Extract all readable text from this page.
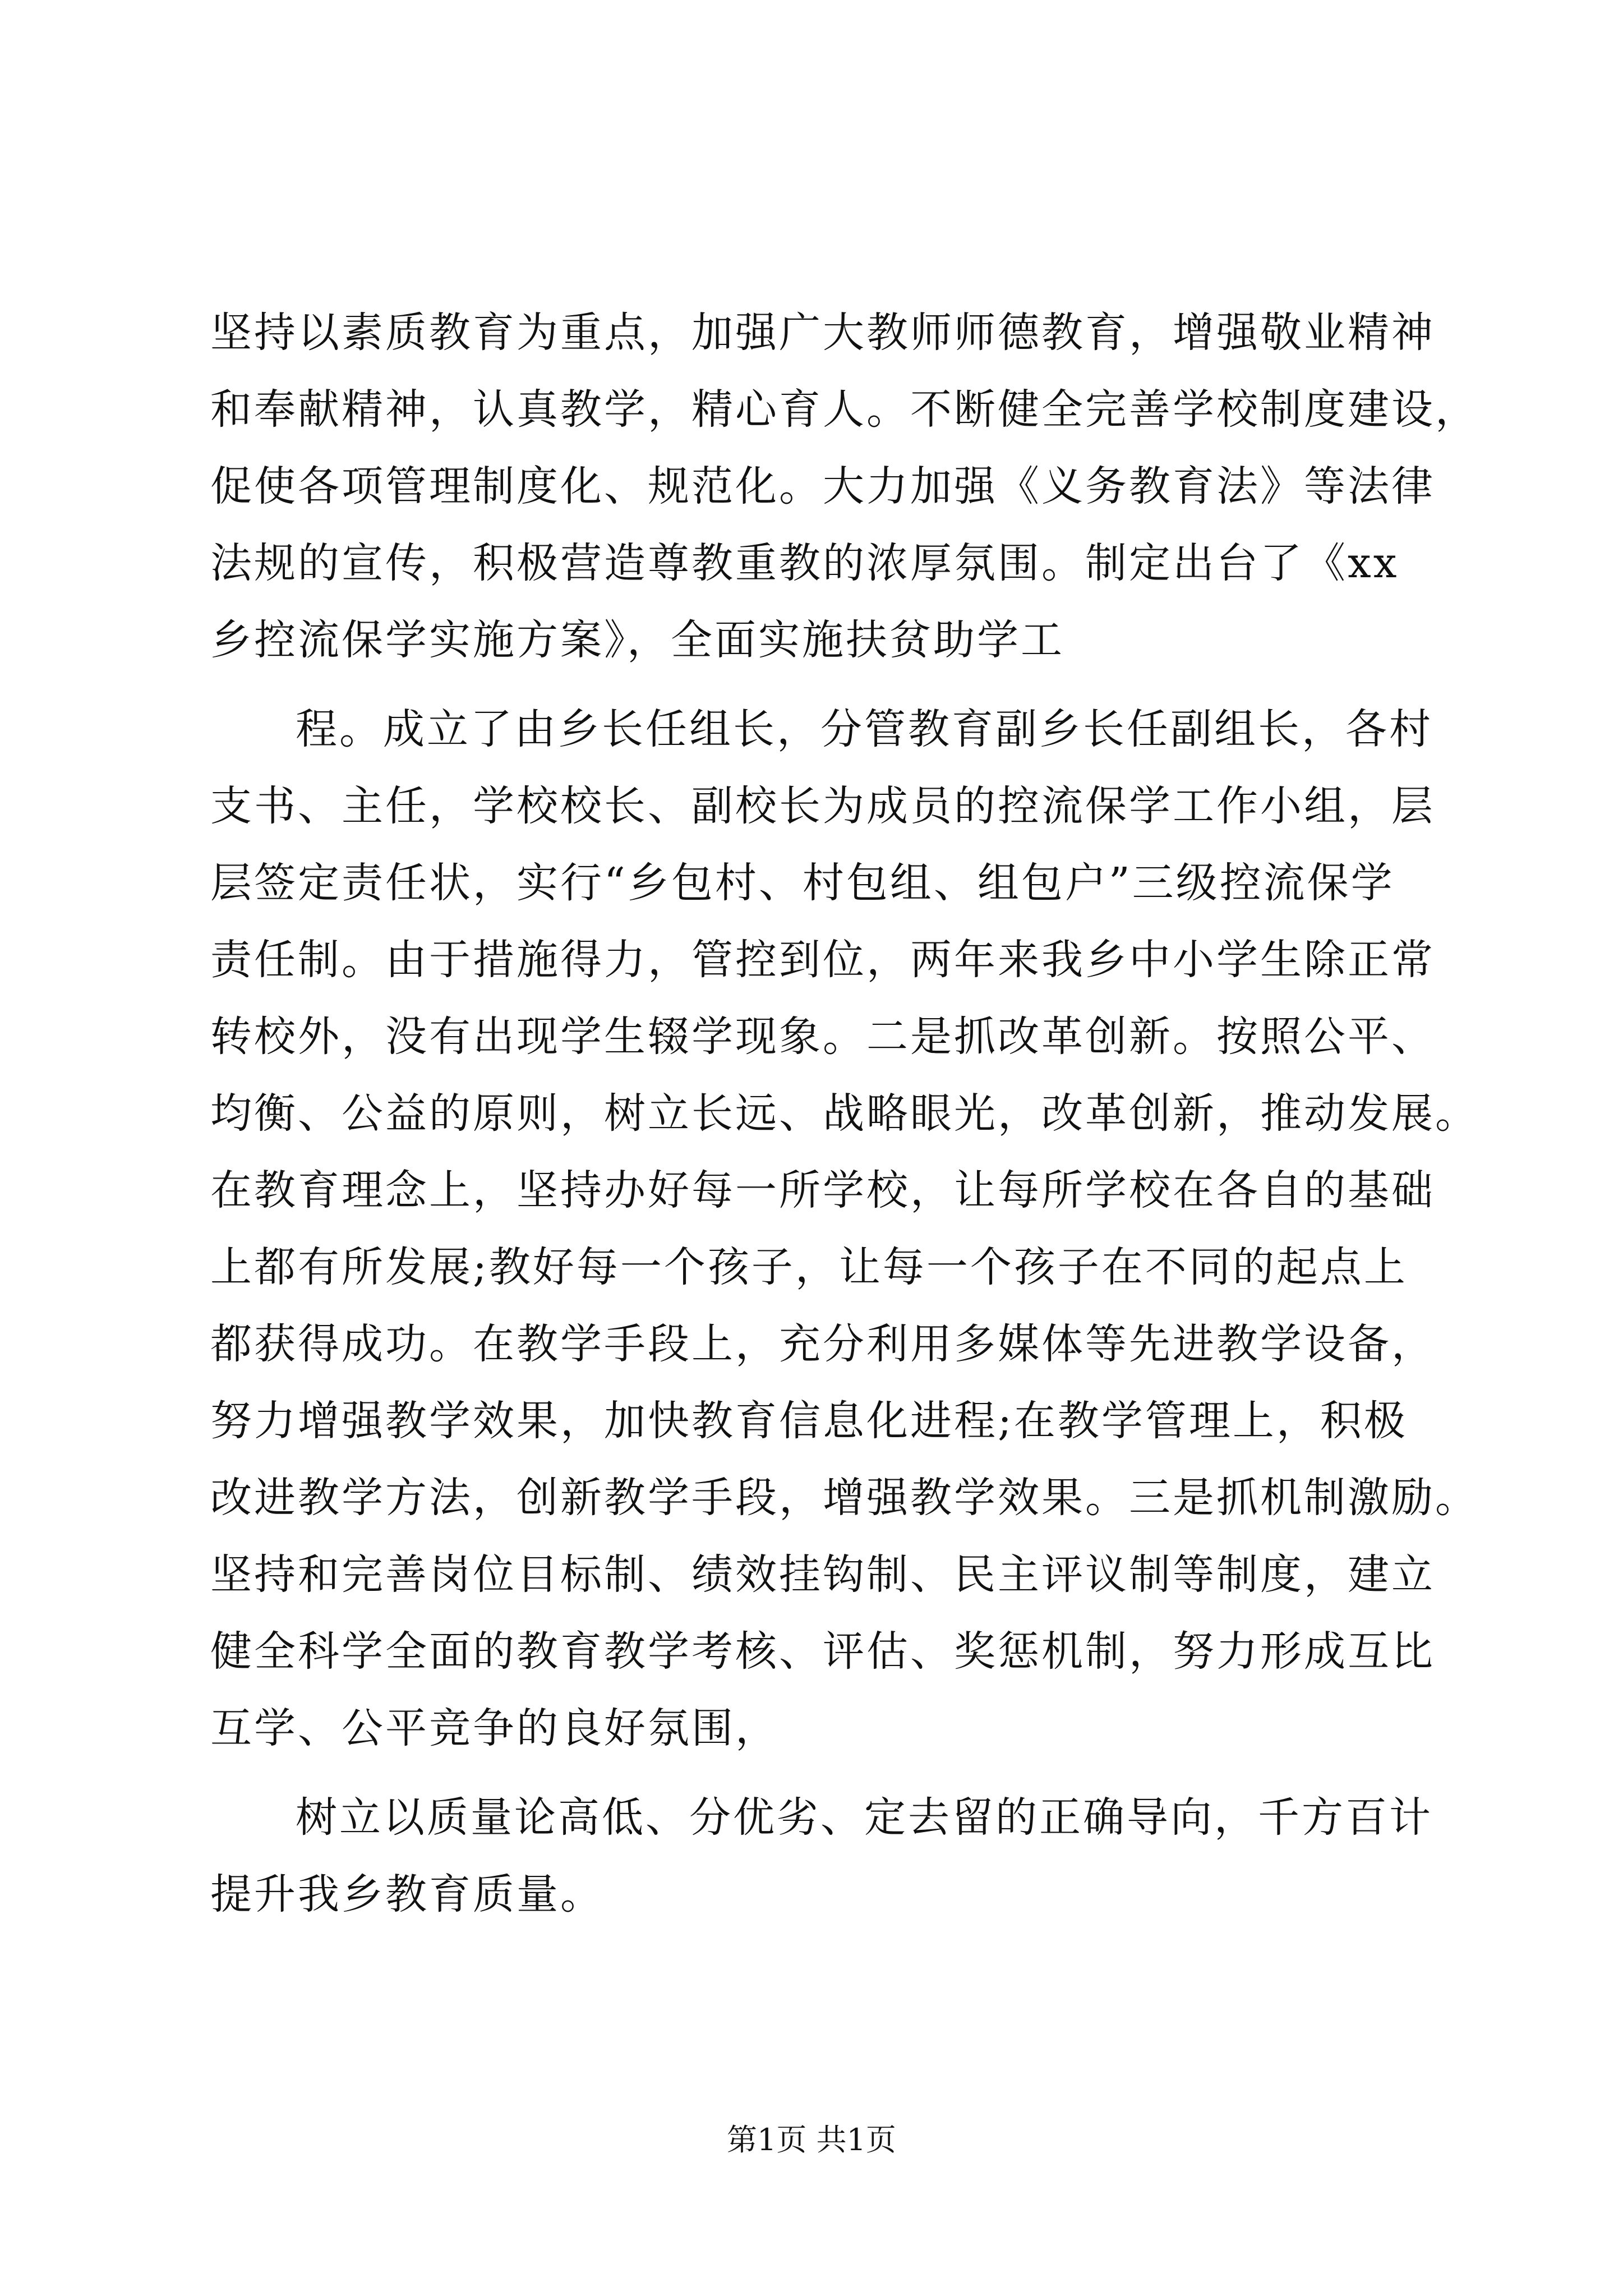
坚持以素质教育为重点，加强广大教师师德教育，增强敬业精神
和奉献精神，认真教学，精心育人。不断健全完善学校制度建设，
促使各项管理制度化、规范化。大力加强《义务教育法》等法律
法规的宣传，积极营造尊教重教的浓厚氛围。制定出台了《xx
乡控流保学实施方案》，全面实施扶贫助学工
程。成立了由乡长任组长，分管教育副乡长任副组长，各村
支书、主任，学校校长、副校长为成员的控流保学工作小组，层
层签定责任状，实行“乡包村、村包组、组包户”三级控流保学
责任制。由于措施得力，管控到位，两年来我乡中小学生除正常
转校外，没有出现学生辍学现象。二是抓改革创新。按照公平、
均衡、公益的原则，树立长远、战略眼光，改革创新，推动发展。
在教育理念上，坚持办好每一所学校，让每所学校在各自的基础
上都有所发展;教好每一个孩子，让每一个孩子在不同的起点上
都获得成功。在教学手段上，充分利用多媒体等先进教学设备，
努力增强教学效果，加快教育信息化进程;在教学管理上，积极
改进教学方法，创新教学手段，增强教学效果。三是抓机制激励。
坚持和完善岗位目标制、绩效挂钩制、民主评议制等制度，建立
健全科学全面的教育教学考核、评估、奖惩机制，努力形成互比
互学、公平竞争的良好氛围，
树立以质量论高低、分优劣、定去留的正确导向，千方百计
提升我乡教育质量。
第1页 共1页
